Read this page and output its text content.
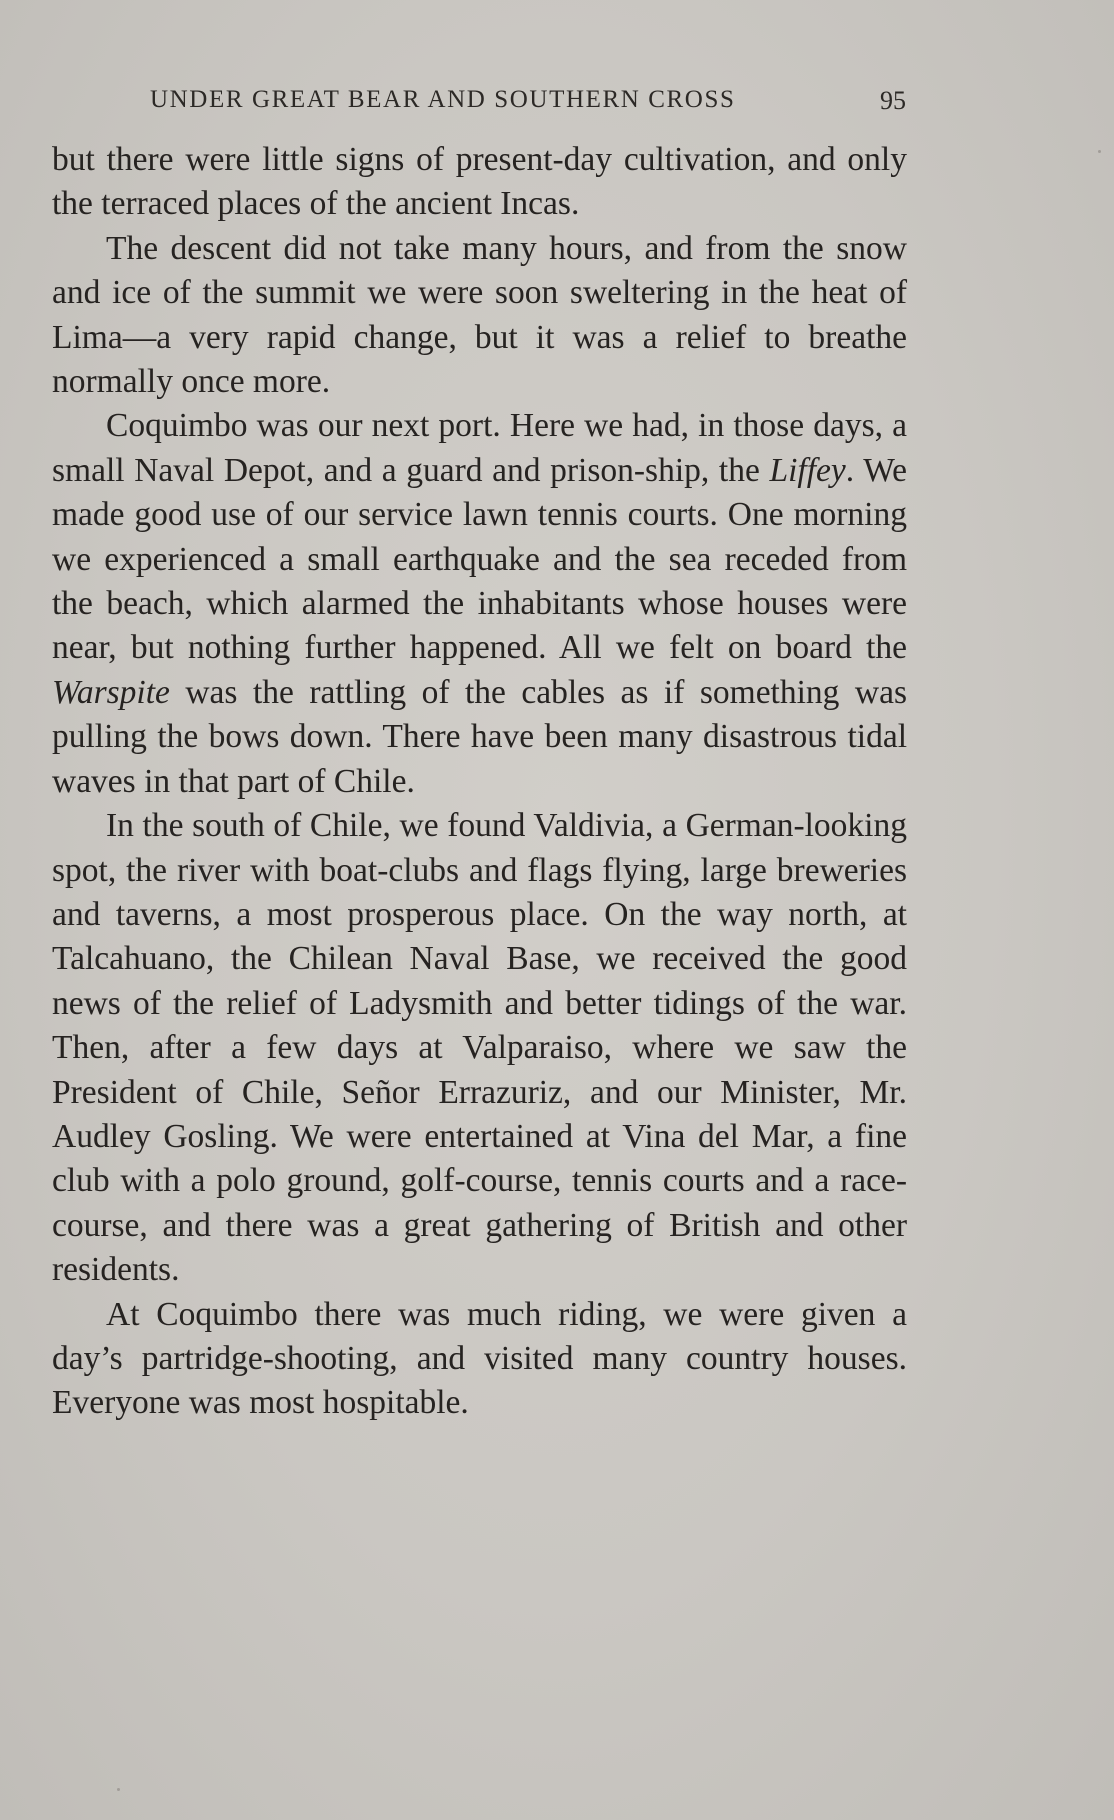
UNDER GREAT BEAR AND SOUTHERN CROSS	95

but there were little signs of present-day cultivation, and only the terraced places of the ancient Incas.

The descent did not take many hours, and from the snow and ice of the summit we were soon sweltering in the heat of Lima—a very rapid change, but it was a relief to breathe normally once more.

Coquimbo was our next port. Here we had, in those days, a small Naval Depot, and a guard and prison-ship, the Liffey. We made good use of our service lawn tennis courts. One morning we experienced a small earthquake and the sea receded from the beach, which alarmed the inhabitants whose houses were near, but nothing further happened. All we felt on board the Warspite was the rattling of the cables as if something was pulling the bows down. There have been many disastrous tidal waves in that part of Chile.

In the south of Chile, we found Valdivia, a German-looking spot, the river with boat-clubs and flags flying, large breweries and taverns, a most prosperous place. On the way north, at Talcahuano, the Chilean Naval Base, we received the good news of the relief of Ladysmith and better tidings of the war. Then, after a few days at Valparaiso, where we saw the President of Chile, Señor Errazuriz, and our Minister, Mr. Audley Gosling. We were entertained at Vina del Mar, a fine club with a polo ground, golf-course, tennis courts and a race-course, and there was a great gathering of British and other residents.

At Coquimbo there was much riding, we were given a day’s partridge-shooting, and visited many country houses. Everyone was most hospitable.
